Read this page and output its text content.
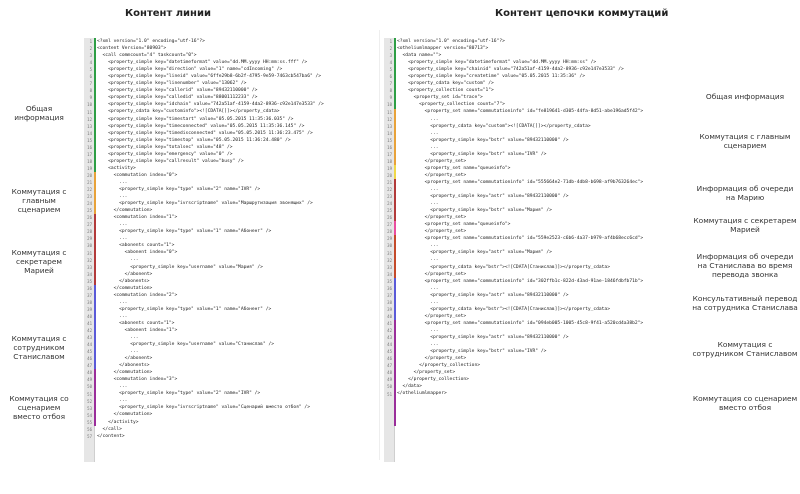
Контент линии	Контент цепочки коммутаций
<?xml version="1.0" encoding="utf-16"?>
<content Version="80903">
<call commcount="4" taskcount="0">
<property_simple key="datetimeformat" value="dd.MM.yyyy HH:mm:ss.fff" />
<property_simple key="direction" value="1" name="cdIncoming" />
<property_simple key="lineid" value="6ffe29b8-6b2f-4795-9e59-7463cb547ba6" />
<property_simple key="linenumber" value="13062" />
<property_simple key="callerid" value="89432110000" />
<property_simple key="calledid" value="88001112233" />
<property_simple key="idchain" value="742a51af-4159-4da2-8936-c92e147e3533" />
<property_cdata key="custominfo"><![CDATA[]]></property_cdata>
<property_simple key="timestart" value="05.05.2015 11:35:36.035" />
<property_simple key="timeconnected" value="05.05.2015 11:35:36.145" />
<property_simple key="timedisconnected" value="05.05.2015 11:36:23.475" />
<property_simple key="timestop" value="05.05.2015 11:36:24.480" />
<property_simple key="totalsec" value="48" />
<property_simple key="emergency" value="0" />
<property_simple key="callresult" value="busy" />
<activity>
<commutation index="0">
...
<property_simple key="type" value="2" name="IVR" />
...
<property_simple key="ivrscriptname" value="Маршрутизация звонящих" />
</commutation>
<commutation index="1">
...
<property_simple key="type" value="1" name="Абонент" />
...
<abonents count="1">
<abonent index="0">
...
<property_simple key="username" value="Мария" />
</abonent>
</abonents>
</commutation>
<commutation index="2">
...
<property_simple key="type" value="1" name="Абонент" />
...
<abonents count="1">
<abonent index="1">
...
<property_simple key="username" value="Станислав" />
...
</abonent>
</abonents>
</commutation>
<commutation index="3">
...
<property_simple key="type" value="2" name="IVR" />
...
<property_simple key="ivrscriptname" value="Сценарий вместо отбоя" />
</commutation>
</activity>
</call>
</content>
1
2
3
4
5
6
7
8
9
10
11
12
13
14
15
16
17
18
19
20
21
22
23
24
25
26
27
28
29
30
31
32
33
34
35
36
37
38
39
40
41
42
43
44
45
46
47
48
49
50
51
52
53
54
55
56
57
<?xml version="1.0" encoding="utf-16"?>
<otheliumlmapper version="80713">
<data name="">
<property_simple key="datetimeformat" value="dd.MM.yyyy HH:mm:ss" />
<property_simple key="chainid" value="742a51af-4159-4da2-8936-c92e147e3533" />
<property_simple key="createtime" value="05.05.2015 11:35:36" />
<property_cdata key="custom" />
<property_collection count="1">
<property_set id="trace">
<property_collection count="7">
<property_set name="commutationinfo" id="fe819641-d305-44fa-8d51-abe196ad5f42">
...
<property_cdata key="custom"><![CDATA[]]></property_cdata>
...
<property_simple key="bstr" value="89432110000" />
...
<property_simple key="bstr" value="IVR" />
</property_set>
<property_set name="queueinfo">
</property_set>
<property_set name="commutationinfo" id="555664e2-71db-4db8-b698-af9b763264ec">
...
<property_simple key="astr" value="89432110000" />
...
<property_simple key="bstr" value="Мария" />
</property_set>
<property_set name="queueinfo">
</property_set>
<property_set name="commutationinfo" id="559e2523-c6b6-4a37-b979-af4b68ecc6cd">
...
<property_simple key="astr" value="Мария" />
...
<property_cdata key="bstr"><![CDATA[Станислав]]></property_cdata>
</property_set>
<property_set name="commutationinfo" id="302ffb1c-822d-43ad-91ae-1846fdbfb71b">
...
<property_simple key="astr" value="89432110000" />
...
<property_cdata key="bstr"><![CDATA[Станислав]]></property_cdata>
</property_set>
<property_set name="commutationinfo" id="094eb005-1005-45c8-9f41-a520cd4a38b2">
...
<property_simple key="astr" value="89432110000" />
...
<property_simple key="bstr" value="IVR" />
</property_set>
</property_collection>
</property_set>
</property_collection>
</data>
</otheliumlmapper>
1
2
3
4
5
6
7
8
9
10
11
12
13
14
15
16
17
18
19
20
21
22
23
24
25
26
27
28
29
30
31
32
33
34
35
36
37
38
39
40
41
42
43
44
45
46
47
48
49
50
51
Общая информация
Коммутация с главным сценарием
Коммутация с секретарем Марией
Коммутация с сотрудником Станиславом
Коммутация со сценарием вместо отбоя
Общая информация
Коммутация с главным сценарием
Информация об очереди на Марию
Коммутация с секретарем Марией
Информация об очереди на Станислава во время перевода звонка
Консультативный перевод на сотрудника Станислава
Коммутация с сотрудником Станиславом
Коммутация со сценарием вместо отбоя
